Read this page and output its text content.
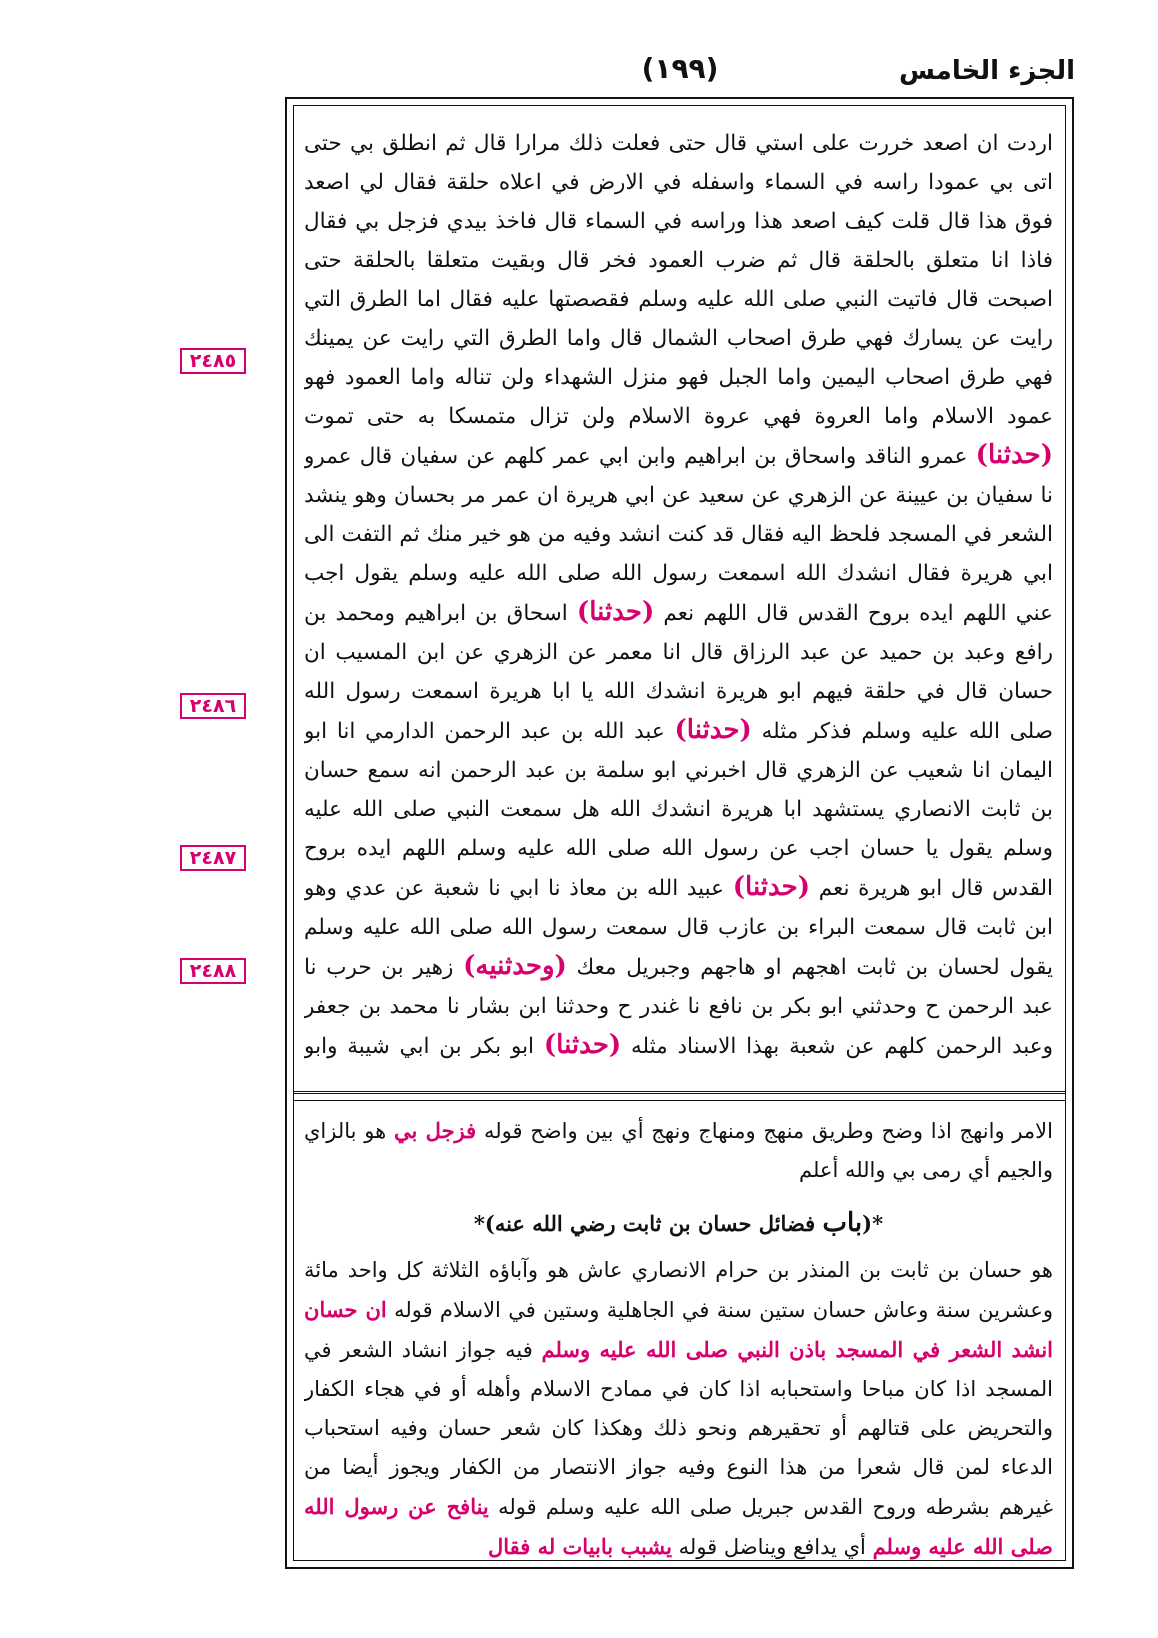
الجزء الخامس
(١٩٩)
٢٤٨٥
٢٤٨٦
٢٤٨٧
٢٤٨٨
اردت ان اصعد خررت على استي قال حتى فعلت ذلك مرارا قال ثم انطلق بي حتى اتى بي عمودا راسه في السماء واسفله في الارض في اعلاه حلقة فقال لي اصعد فوق هذا قال قلت كيف اصعد هذا وراسه في السماء قال فاخذ بيدي فزجل بي فقال فاذا انا متعلق بالحلقة قال ثم ضرب العمود فخر قال وبقيت متعلقا بالحلقة حتى اصبحت قال فاتيت النبي صلى الله عليه وسلم فقصصتها عليه فقال اما الطرق التي رايت عن يسارك فهي طرق اصحاب الشمال قال واما الطرق التي رايت عن يمينك فهي طرق اصحاب اليمين واما الجبل فهو منزل الشهداء ولن تناله واما العمود فهو عمود الاسلام واما العروة فهي عروة الاسلام ولن تزال متمسكا به حتى تموت (حدثنا) عمرو الناقد واسحاق بن ابراهيم وابن ابي عمر كلهم عن سفيان قال عمرو نا سفيان بن عيينة عن الزهري عن سعيد عن ابي هريرة ان عمر مر بحسان وهو ينشد الشعر في المسجد فلحظ اليه فقال قد كنت انشد وفيه من هو خير منك ثم التفت الى ابي هريرة فقال انشدك الله اسمعت رسول الله صلى الله عليه وسلم يقول اجب عني اللهم ايده بروح القدس قال اللهم نعم (حدثنا) اسحاق بن ابراهيم ومحمد بن رافع وعبد بن حميد عن عبد الرزاق قال انا معمر عن الزهري عن ابن المسيب ان حسان قال في حلقة فيهم ابو هريرة انشدك الله يا ابا هريرة اسمعت رسول الله صلى الله عليه وسلم فذكر مثله (حدثنا) عبد الله بن عبد الرحمن الدارمي انا ابو اليمان انا شعيب عن الزهري قال اخبرني ابو سلمة بن عبد الرحمن انه سمع حسان بن ثابت الانصاري يستشهد ابا هريرة انشدك الله هل سمعت النبي صلى الله عليه وسلم يقول يا حسان اجب عن رسول الله صلى الله عليه وسلم اللهم ايده بروح القدس قال ابو هريرة نعم (حدثنا) عبيد الله بن معاذ نا ابي نا شعبة عن عدي وهو ابن ثابت قال سمعت البراء بن عازب قال سمعت رسول الله صلى الله عليه وسلم يقول لحسان بن ثابت اهجهم او هاجهم وجبريل معك (وحدثنيه) زهير بن حرب نا عبد الرحمن ح وحدثني ابو بكر بن نافع نا غندر ح وحدثنا ابن بشار نا محمد بن جعفر وعبد الرحمن كلهم عن شعبة بهذا الاسناد مثله (حدثنا) ابو بكر بن ابي شيبة وابو
الامر وانهج اذا وضح وطريق منهج ومنهاج ونهج أي بين واضح قوله فزجل بي هو بالزاي والجيم أي رمى بي والله أعلم
*(باب فضائل حسان بن ثابت رضي الله عنه)*
هو حسان بن ثابت بن المنذر بن حرام الانصاري عاش هو وآباؤه الثلاثة كل واحد مائة وعشرين سنة وعاش حسان ستين سنة في الجاهلية وستين في الاسلام قوله ان حسان انشد الشعر في المسجد باذن النبي صلى الله عليه وسلم فيه جواز انشاد الشعر في المسجد اذا كان مباحا واستحبابه اذا كان في ممادح الاسلام وأهله أو في هجاء الكفار والتحريض على قتالهم أو تحقيرهم ونحو ذلك وهكذا كان شعر حسان وفيه استحباب الدعاء لمن قال شعرا من هذا النوع وفيه جواز الانتصار من الكفار ويجوز أيضا من غيرهم بشرطه وروح القدس جبريل صلى الله عليه وسلم قوله ينافح عن رسول الله صلى الله عليه وسلم أي يدافع ويناضل قوله يشبب بابيات له فقال
